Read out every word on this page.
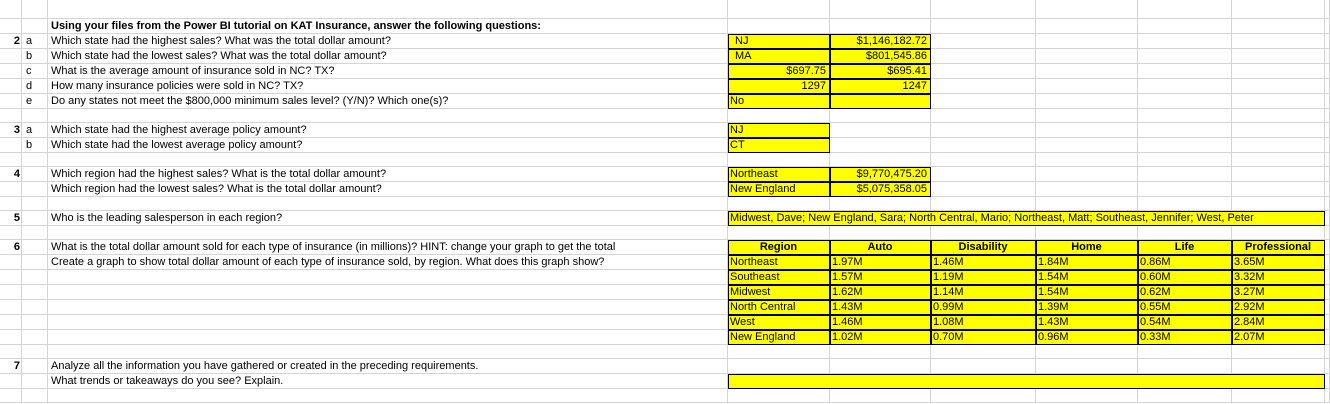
		Using your files from the Power BI tutorial on KAT Insurance, answer the following questions:							
2	a	Which state had the highest sales? What was the total dollar amount?	NJ	$1,146,182.72					
	b	Which state had the lowest sales? What was the total dollar amount?	MA	$801,545.86					
	c	What is the average amount of insurance sold in NC? TX?	$697.75	$695.41					
	d	How many insurance policies were sold in NC? TX?	1297	1247					
	e	Do any states not meet the $800,000 minimum sales level? (Y/N)? Which one(s)?	No						

3	a	Which state had the highest average policy amount?	NJ						
	b	Which state had the lowest average policy amount?	CT						

4		Which region had the highest sales? What is the total dollar amount?	Northeast	$9,770,475.20					
		Which region had the lowest sales? What is the total dollar amount?	New England	$5,075,358.05					

5		Who is the leading salesperson in each region?	Midwest, Dave; New England, Sara; North Central, Mario; Northeast, Matt; Southeast, Jennifer; West, Peter						

6		What is the total dollar amount sold for each type of insurance (in millions)? HINT: change your graph to get the total	Region	Auto	Disability	Home	Life	Professional	
		Create a graph to show total dollar amount of each type of insurance sold, by region. What does this graph show?	Northeast	1.97M	1.46M	1.84M	0.86M	3.65M	
			Southeast	1.57M	1.19M	1.54M	0.60M	3.32M	
			Midwest	1.62M	1.14M	1.54M	0.62M	3.27M	
			North Central	1.43M	0.99M	1.39M	0.55M	2.92M	
			West	1.46M	1.08M	1.43M	0.54M	2.84M	
			New England	1.02M	0.70M	0.96M	0.33M	2.07M	

7		Analyze all the information you have gathered or created in the preceding requirements.							
		What trends or takeaways do you see? Explain.							
